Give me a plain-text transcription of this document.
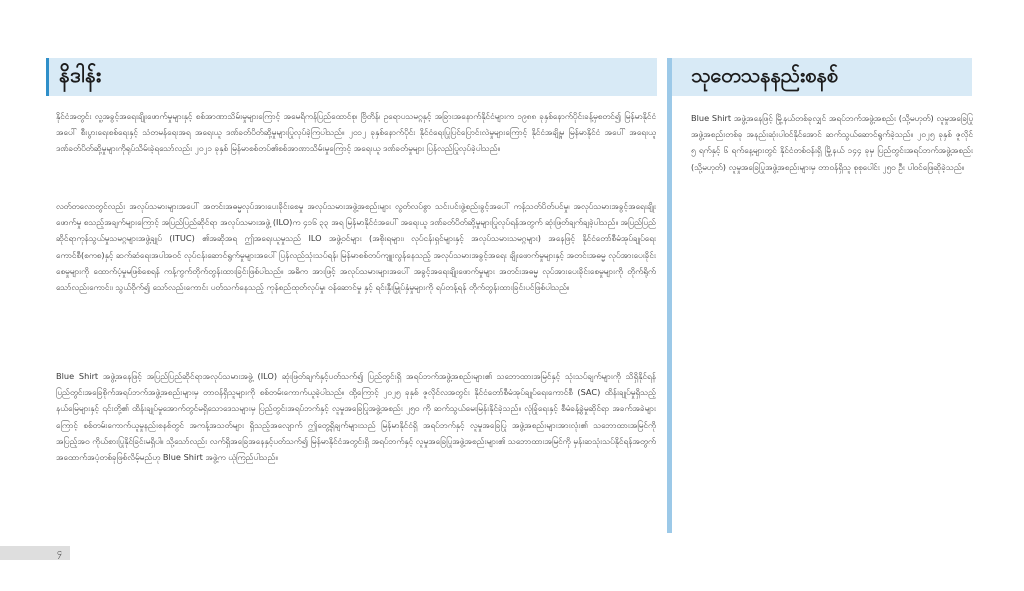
နိဒါန်း

နိုင်ငံအတွင်း လူ့အခွင့်အရေးချိုးဖောက်မှုများနှင့် စစ်အာဏာသိမ်းမှုများကြောင့် အမေရိကန်ပြည်ထောင်စု၊ ဗြိတိန်၊ ဥရောပသမဂ္ဂနှင့် အခြားအနောက်နိုင်ငံများက ၁၉၈၈ ခုနှစ်နောက်ပိုင်းခန့်မှစတင်၍ မြန်မာနိုင်ငံအပေါ် စီးပွားရေးစစ်ရေးနှင့် သံတမန်ရေးအရ အရေးယူ ဒဏ်ခတ်ပိတ်ဆို့မှုများပြုလုပ်ခဲ့ကြပါသည်။ ၂၀၁၂ ခုနှစ်နောက်ပိုင်း နိုင်ငံရေးပြုပြင်ပြောင်းလဲမှုများကြောင့် နိုင်ငံအချို့မှ မြန်မာနိုင်ငံ အပေါ် အရေးယူဒဏ်ခတ်ပိတ်ဆို့မှုများကိုရုပ်သိမ်းခဲ့ရသော်လည်း ၂၀၂၁ ခုနှစ် မြန်မာစစ်တပ်၏စစ်အာဏာသိမ်းမှုကြောင့် အရေးယူ ဒဏ်ခတ်မှုများ ပြန်လည်ပြုလုပ်ခဲ့ပါသည်။

လတ်တလောတွင်လည်း အလုပ်သမားများအပေါ် အတင်းအဓမ္မလုပ်အားပေးခိုင်းစေမှု အလုပ်သမားအဖွဲ့အစည်းများ လွတ်လပ်စွာ သင်းပင်းဖွဲ့စည်းခွင့်အပေါ် ကန့်သတ်ပိတ်ပင်မှု၊ အလုပ်သမားအခွင့်အရေးချိုးဖောက်မှု စသည့်အချက်များကြောင့် အပြည်ပြည်ဆိုင်ရာ အလုပ်သမားအဖွဲ့ (ILO)က ၄၁၆ ၃၃ အရ မြန်မာနိုင်ငံအပေါ် အရေးယူ ဒဏ်ခတ်ပိတ်ဆို့မှုများပြုလုပ်ရန်အတွက် ဆုံးဖြတ်ချက်ချခဲ့ပါသည်။ အပြည်ပြည်ဆိုင်ရာကုန်သွယ်မှုသမဂ္ဂများအဖွဲ့ချုပ် (ITUC) ၏အဆိုအရ ဤအရေးယူမှုသည် ILO အဖွဲ့ဝင်များ (အစိုးရများ၊ လုပ်ငန်းရှင်များနှင့် အလုပ်သမားသမဂ္ဂများ) အနေဖြင့် နိုင်ငံတော်စီမံအုပ်ချုပ်ရေးကောင်စီ(စကစ)နှင့် ဆက်ဆံရေးအပါအဝင် လုပ်ငန်းဆောင်ရွက်မှုများအပေါ် ပြန်လည်သုံးသပ်ရန်၊ မြန်မာစစ်တပ်ကျူးလွန်နေသည့် အလုပ်သမားအခွင့်အရေး ချိုးဖောက်မှုများနှင့် အတင်းအဓမ္မ လုပ်အားပေးခိုင်းစေမှုများကို ထောက်ပံ့မှုမဖြစ်စေရန် ကန့်ကွက်တိုက်တွန်းထားခြင်းဖြစ်ပါသည်။ အဓိက အားဖြင့် အလုပ်သမားများအပေါ် အခွင့်အရေးချိုးဖောက်မှုများ အတင်းအဓမ္မ လုပ်အားပေးခိုင်းစေမှုများကို တိုက်ရိုက်သော်လည်းကောင်း၊ သွယ်ဝိုက်၍ သော်လည်းကောင်း ပတ်သက်နေသည့် ကုန်စည်ထုတ်လုပ်မှု၊ ဝန်ဆောင်မှု နှင့် ရင်းနှီးမြှုပ်နှံမှုများကို ရပ်တန့်ရန် တိုက်တွန်းထားခြင်းပင်ဖြစ်ပါသည်။

Blue Shirt အဖွဲ့အနေဖြင့် အပြည်ပြည်ဆိုင်ရာအလုပ်သမားအဖွဲ့ (ILO) ဆုံးဖြတ်ချက်နှင့်ပတ်သက်၍ ပြည်တွင်းရှိ အရပ်ဘက်အဖွဲ့အစည်းများ၏ သဘောထားအမြင်နှင့် သုံးသပ်ချက်များကို သိရှိနိုင်ရန် ပြည်တွင်းအခြေစိုက်အရပ်ဘက်အဖွဲ့အစည်းများမှ တာဝန်ရှိသူများကို စစ်တမ်းကောက်ယူခဲ့ပါသည်။ ထို့ကြောင့် ၂၀၂၅ ခုနှစ် ဇူလိုင်လအတွင်း နိုင်ငံတော်စီမံအုပ်ချုပ်ရေးကောင်စီ (SAC) ထိန်းချုပ်မှုရှိသည့်နယ်မြေများနှင့် ၎င်းတို့၏ ထိန်းချုပ်မှုအောက်တွင်မရှိသောဒေသများမှ ပြည်တွင်းအရပ်ဘက်နှင့် လူမှုအခြေပြုအဖွဲ့အစည်း ၂၅၀ ကို ဆက်သွယ်မေးမြန်းနိုင်ခဲ့သည်။ လုံခြုံရေးနှင့် စီမံခန့်ခွဲမှုဆိုင်ရာ အခက်အခဲများကြောင့် စစ်တမ်းကောက်ယူမှုနည်းစနစ်တွင် အကန့်အသတ်များ ရှိသည့်အလျောက် ဤတွေ့ရှိချက်များသည် မြန်မာနိုင်ငံရှိ အရပ်ဘက်နှင့် လူမှုအခြေပြု အဖွဲ့အစည်းများအားလုံး၏ သဘောထားအမြင်ကို အပြည့်အဝ ကိုယ်စားပြုနိုင်ခြင်းမရှိပါ။ သို့သော်လည်း လက်ရှိအခြေအနေနှင့်ပတ်သက်၍ မြန်မာနိုင်ငံအတွင်းရှိ အရပ်ဘက်နှင့် လူမှုအခြေပြုအဖွဲ့အစည်းများ၏ သဘောထားအမြင်ကို မှန်းဆသုံးသပ်နိုင်ရန်အတွက် အထောက်အပံ့တစ်ခုဖြစ်လိမ့်မည်ဟု Blue Shirt အဖွဲ့က ယုံကြည်ပါသည်။

သုတေသနနည်းစနစ်

Blue Shirt အဖွဲ့အနေဖြင့် မြို့နယ်တစ်ခုလျှင် အရပ်ဘက်အဖွဲ့အစည်း (သို့မဟုတ်) လူမှုအခြေပြုအဖွဲ့အစည်းတစ်ခု အနည်းဆုံးပါဝင်နိုင်အောင် ဆက်သွယ်ဆောင်ရွက်ခဲ့သည်။ ၂၀၂၅ ခုနှစ် ဇူလိုင် ၅ ရက်နှင့် ၆ ရက်နေ့များတွင် နိုင်ငံတစ်ဝန်းရှိ မြို့နယ် ၁၄၄ ခုမှ ပြည်တွင်းအရပ်ဘက်အဖွဲ့အစည်း (သို့မဟုတ်) လူမှုအခြေပြုအဖွဲ့အစည်းများမှ တာဝန်ရှိသူ စုစုပေါင်း ၂၅၀ ဦး ပါဝင်ဖြေဆိုခဲ့သည်။

၄
